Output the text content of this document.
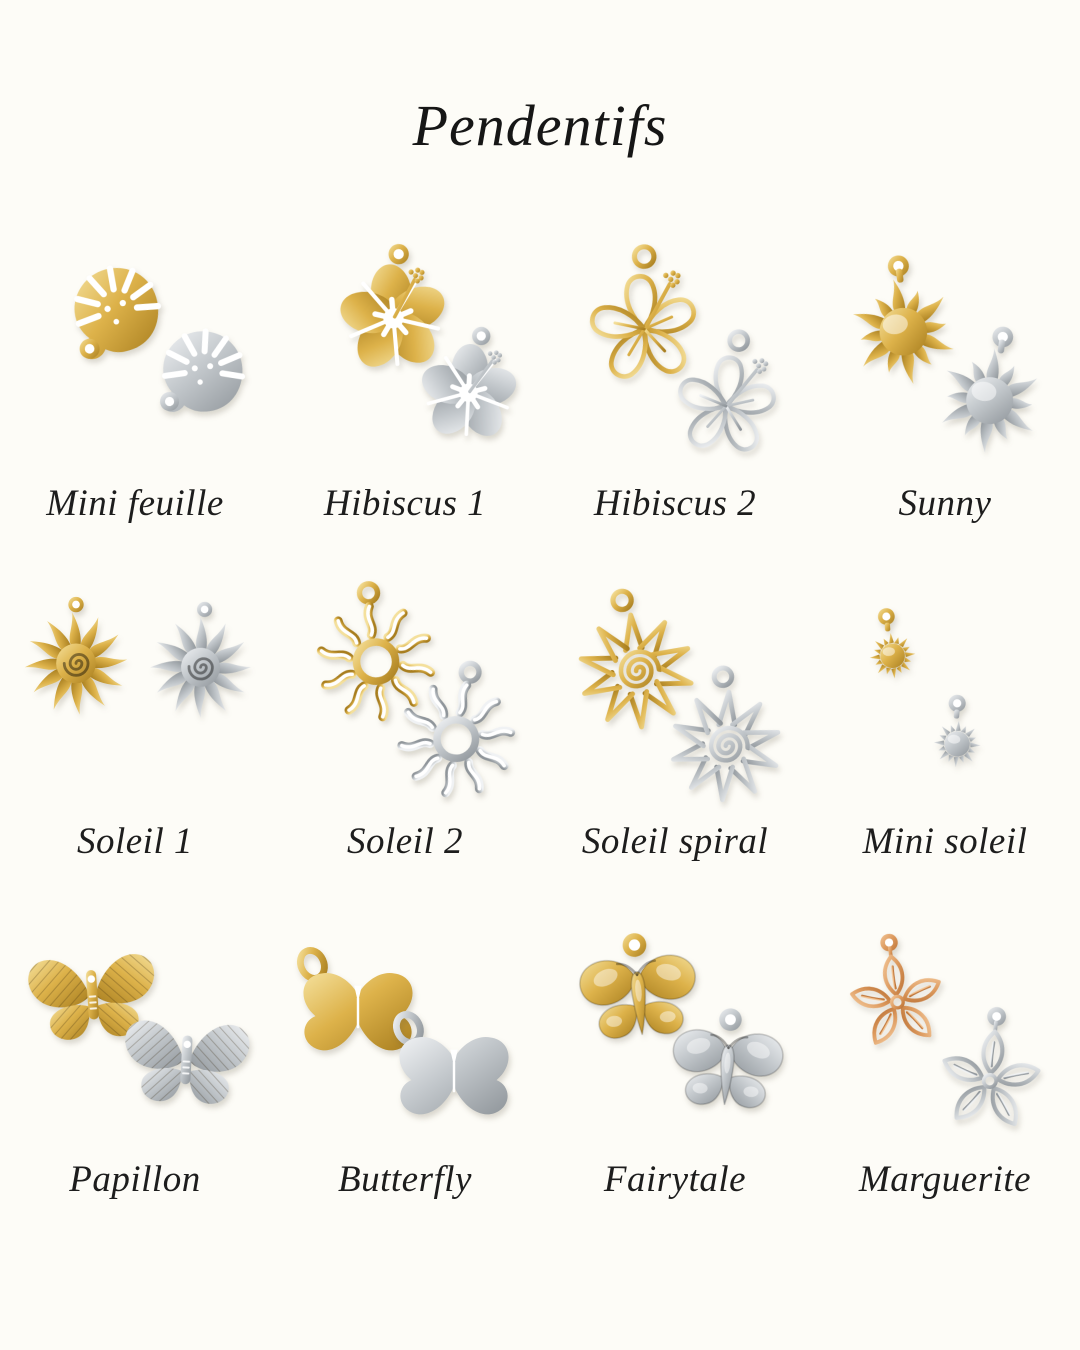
Pendentifs
Mini feuille	Hibiscus 1	Hibiscus 2	Sunny
Soleil 1	Soleil 2	Soleil spiral	Mini soleil
Papillon	Butterfly	Fairytale	Marguerite
